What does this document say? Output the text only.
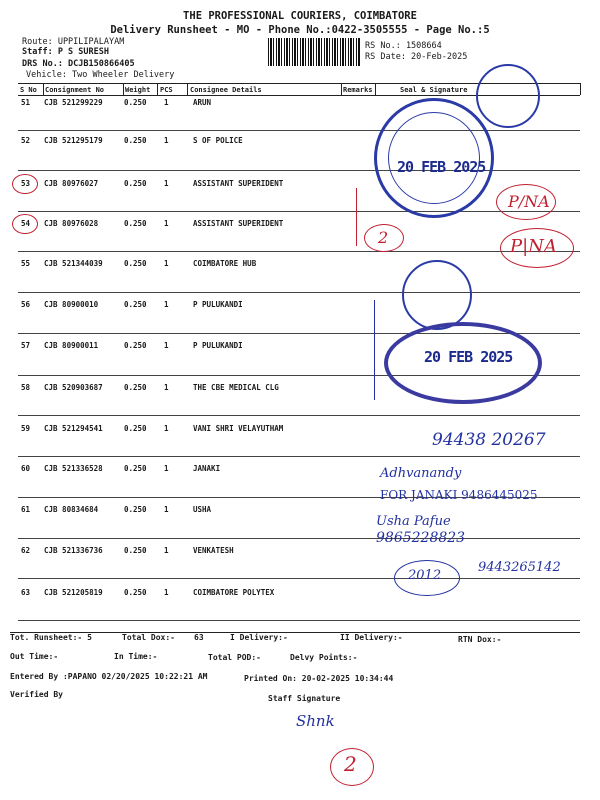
THE PROFESSIONAL COURIERS, COIMBATORE
Delivery Runsheet - MO - Phone No.:0422-3505555 - Page No.:5
Route: UPPILIPALAYAM
Staff: P S SURESH
DRS No.: DCJB150866405
Vehicle: Two Wheeler Delivery
RS No.: 1508664
RS Date: 20-Feb-2025
S No Consignment No	Weight PCS Consignee Details	Remarks	Seal & Signature
51 CJB 521299229	0.250 1	ARUN
52 CJB 521295179	0.250 1	S OF POLICE
53 CJB 80976027	0.250 1	ASSISTANT SUPERIDENT
54 CJB 80976028	0.250 1	ASSISTANT SUPERIDENT
55 CJB 521344039	0.250 1	COIMBATORE HUB
56 CJB 80900010	0.250 1	P PULUKANDI
57 CJB 80900011	0.250 1	P PULUKANDI
58 CJB 520903687	0.250 1	THE CBE MEDICAL CLG
59 CJB 521294541	0.250 1	VANI SHRI VELAYUTHAM
60 CJB 521336528	0.250 1	JANAKI
61 CJB 80834684	0.250 1	USHA
62 CJB 521336736	0.250 1	VENKATESH
63 CJB 521205819	0.250 1	COIMBATORE POLYTEX
20 FEB 2025
20 FEB 2025
P/NA
P|NA
2
94438 20267
Adhvanandy
FOR JANAKI 9486445025
Usha Pafue
9865228823
2012
9443265142
Tot. Runsheet:- 5	Total Dox:- 63	I Delivery:-	II Delivery:-	RTN Dox:-
Out Time:-	In Time:-	Total POD:-	Delvy Points:-
Entered By :PAPANO 02/20/2025 10:22:21 AM	Printed On: 20-02-2025 10:34:44
Verified By	Staff Signature
Shnk
2
